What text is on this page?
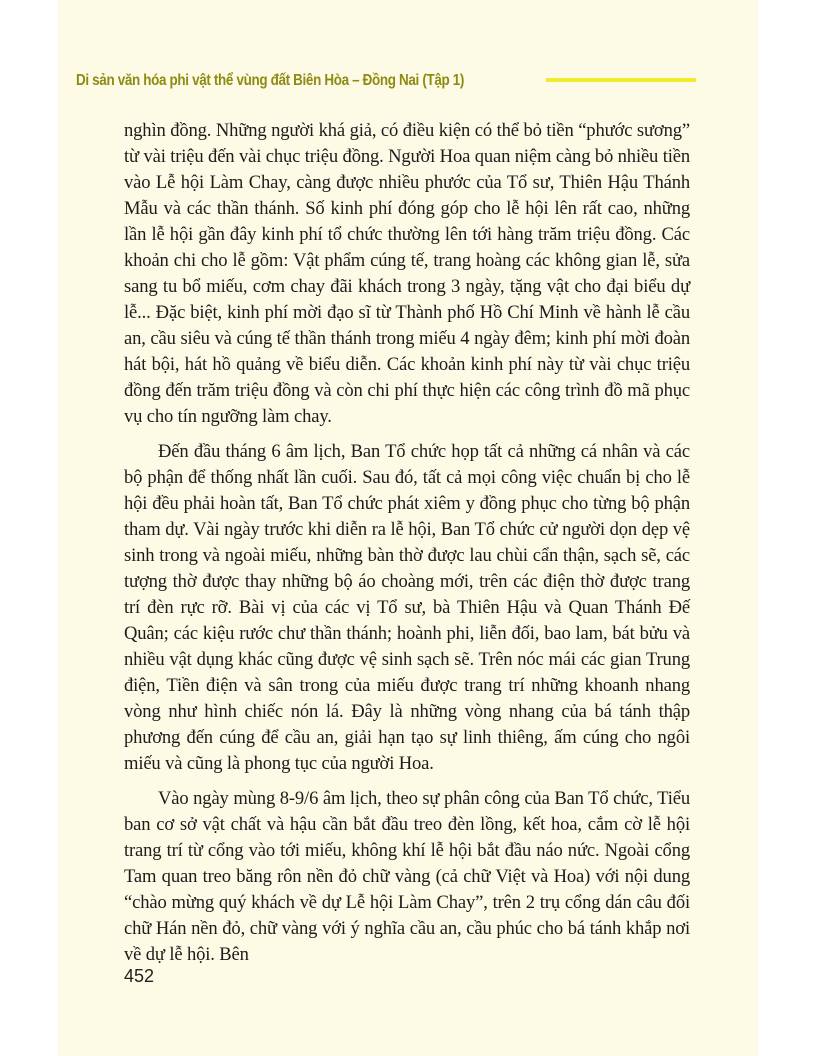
Di sản văn hóa phi vật thể vùng đất Biên Hòa – Đồng Nai (Tập 1)

nghìn đồng. Những người khá giả, có điều kiện có thể bỏ tiền “phước sương” từ vài triệu đến vài chục triệu đồng. Người Hoa quan niệm càng bỏ nhiều tiền vào Lễ hội Làm Chay, càng được nhiều phước của Tổ sư, Thiên Hậu Thánh Mẫu và các thần thánh. Số kinh phí đóng góp cho lễ hội lên rất cao, những lần lễ hội gần đây kinh phí tổ chức thường lên tới hàng trăm triệu đồng. Các khoản chi cho lễ gồm: Vật phẩm cúng tế, trang hoàng các không gian lễ, sửa sang tu bổ miếu, cơm chay đãi khách trong 3 ngày, tặng vật cho đại biểu dự lễ... Đặc biệt, kinh phí mời đạo sĩ từ Thành phố Hồ Chí Minh về hành lễ cầu an, cầu siêu và cúng tế thần thánh trong miếu 4 ngày đêm; kinh phí mời đoàn hát bội, hát hồ quảng về biểu diễn. Các khoản kinh phí này từ vài chục triệu đồng đến trăm triệu đồng và còn chi phí thực hiện các công trình đồ mã phục vụ cho tín ngưỡng làm chay.

Đến đầu tháng 6 âm lịch, Ban Tổ chức họp tất cả những cá nhân và các bộ phận để thống nhất lần cuối. Sau đó, tất cả mọi công việc chuẩn bị cho lễ hội đều phải hoàn tất, Ban Tổ chức phát xiêm y đồng phục cho từng bộ phận tham dự. Vài ngày trước khi diễn ra lễ hội, Ban Tổ chức cử người dọn dẹp vệ sinh trong và ngoài miếu, những bàn thờ được lau chùi cẩn thận, sạch sẽ, các tượng thờ được thay những bộ áo choàng mới, trên các điện thờ được trang trí đèn rực rỡ. Bài vị của các vị Tổ sư, bà Thiên Hậu và Quan Thánh Đế Quân; các kiệu rước chư thần thánh; hoành phi, liễn đối, bao lam, bát bửu và nhiều vật dụng khác cũng được vệ sinh sạch sẽ. Trên nóc mái các gian Trung điện, Tiền điện và sân trong của miếu được trang trí những khoanh nhang vòng như hình chiếc nón lá. Đây là những vòng nhang của bá tánh thập phương đến cúng để cầu an, giải hạn tạo sự linh thiêng, ấm cúng cho ngôi miếu và cũng là phong tục của người Hoa.

Vào ngày mùng 8-9/6 âm lịch, theo sự phân công của Ban Tổ chức, Tiểu ban cơ sở vật chất và hậu cần bắt đầu treo đèn lồng, kết hoa, cắm cờ lễ hội trang trí từ cổng vào tới miếu, không khí lễ hội bắt đầu náo nức. Ngoài cổng Tam quan treo băng rôn nền đỏ chữ vàng (cả chữ Việt và Hoa) với nội dung “chào mừng quý khách về dự Lễ hội Làm Chay”, trên 2 trụ cổng dán câu đối chữ Hán nền đỏ, chữ vàng với ý nghĩa cầu an, cầu phúc cho bá tánh khắp nơi về dự lễ hội. Bên

452
